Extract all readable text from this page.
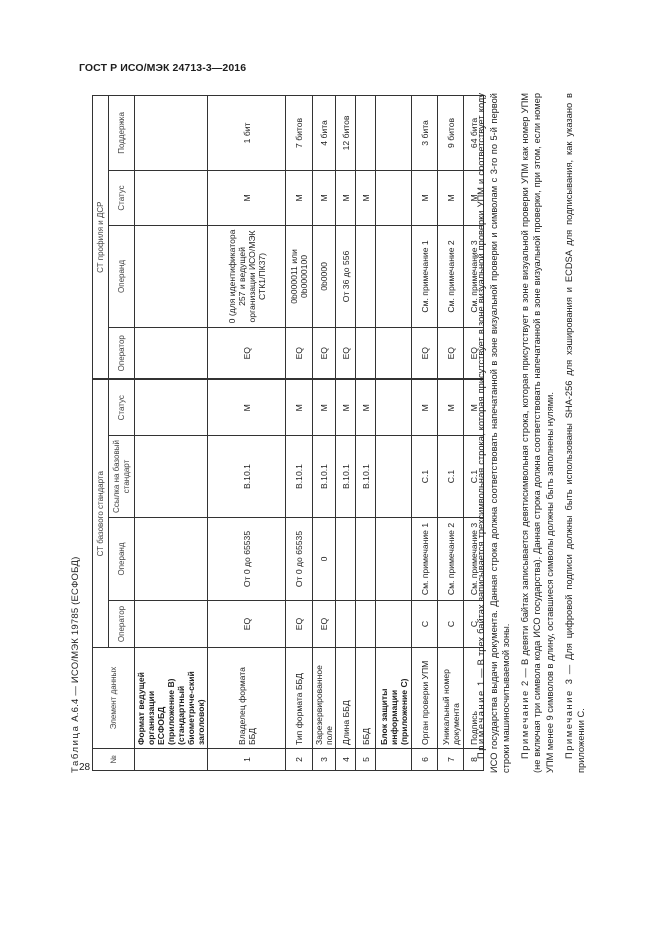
ГОСТ Р ИСО/МЭК 24713-3—2016
28
Таблица А.6.4 — ИСО/МЭК 19785 (ЕСФОБД)
№	Элемент данных	СТ базового стандарта				СТ профиля и ДСР			
		Оператор	Операнд	Ссылка на базовый стандарт	Статус	Оператор	Операнд	Статус	Поддержка
	Формат ведущей организации ЕСФОБД (приложение В) (стандартный биометриче-ский заголовок)								
1	Владелец формата ББД	EQ	От 0 до 65535	B.10.1	M	EQ	0 (для идентификатора 257 и ведущей организации ИСО/МЭК СТК1/ПК37)	M	1 бит
2	Тип формата ББД	EQ	От 0 до 65535	B.10.1	M	EQ	0b000011 или 0b0000100	M	7 битов
3	Зарезервированное поле	EQ	0	B.10.1	M	EQ	0b0000	M	4 бита
4	Длина ББД			B.10.1	M	EQ	От 36 до 556	M	12 битов
5	ББД			B.10.1	M			M	
	Блок защиты информации (приложение С)								
6	Орган проверки УПМ	C	См. примечание 1	C.1	M	EQ	См. примечание 1	M	3 бита
7	Уникальный номер документа	C	См. примечание 2	C.1	M	EQ	См. примечание 2	M	9 битов
8	Подпись	C	См. примечание 3	C.1	M	EQ	См. примечание 3	M	64 бита

Примечание 1 — В трех байтах записывается трехсимвольная строка, которая присутствует в зоне визуальной проверки УПМ и соответствует коду ИСО государства выдачи документа. Данная строка должна соответствовать напечатанной в зоне визуальной проверки и символам с 3-го по 5-й первой строки машиносчитываемой зоны. Примечание 2 — В девяти байтах записывается девятисимвольная строка, которая присутствует в зоне визуальной проверки УПМ как номер УПМ (не включая три символа кода ИСО государства). Данная строка должна соответствовать напечатанной в зоне визуальной проверки, при этом, если номер УПМ менее 9 символов в длину, оставшиеся символы должны быть заполнены нулями. Примечание 3 — Для цифровой подписи должны быть использованы SHA-256 для хэширования и ECDSA для подписывания, как указано в приложении С.
